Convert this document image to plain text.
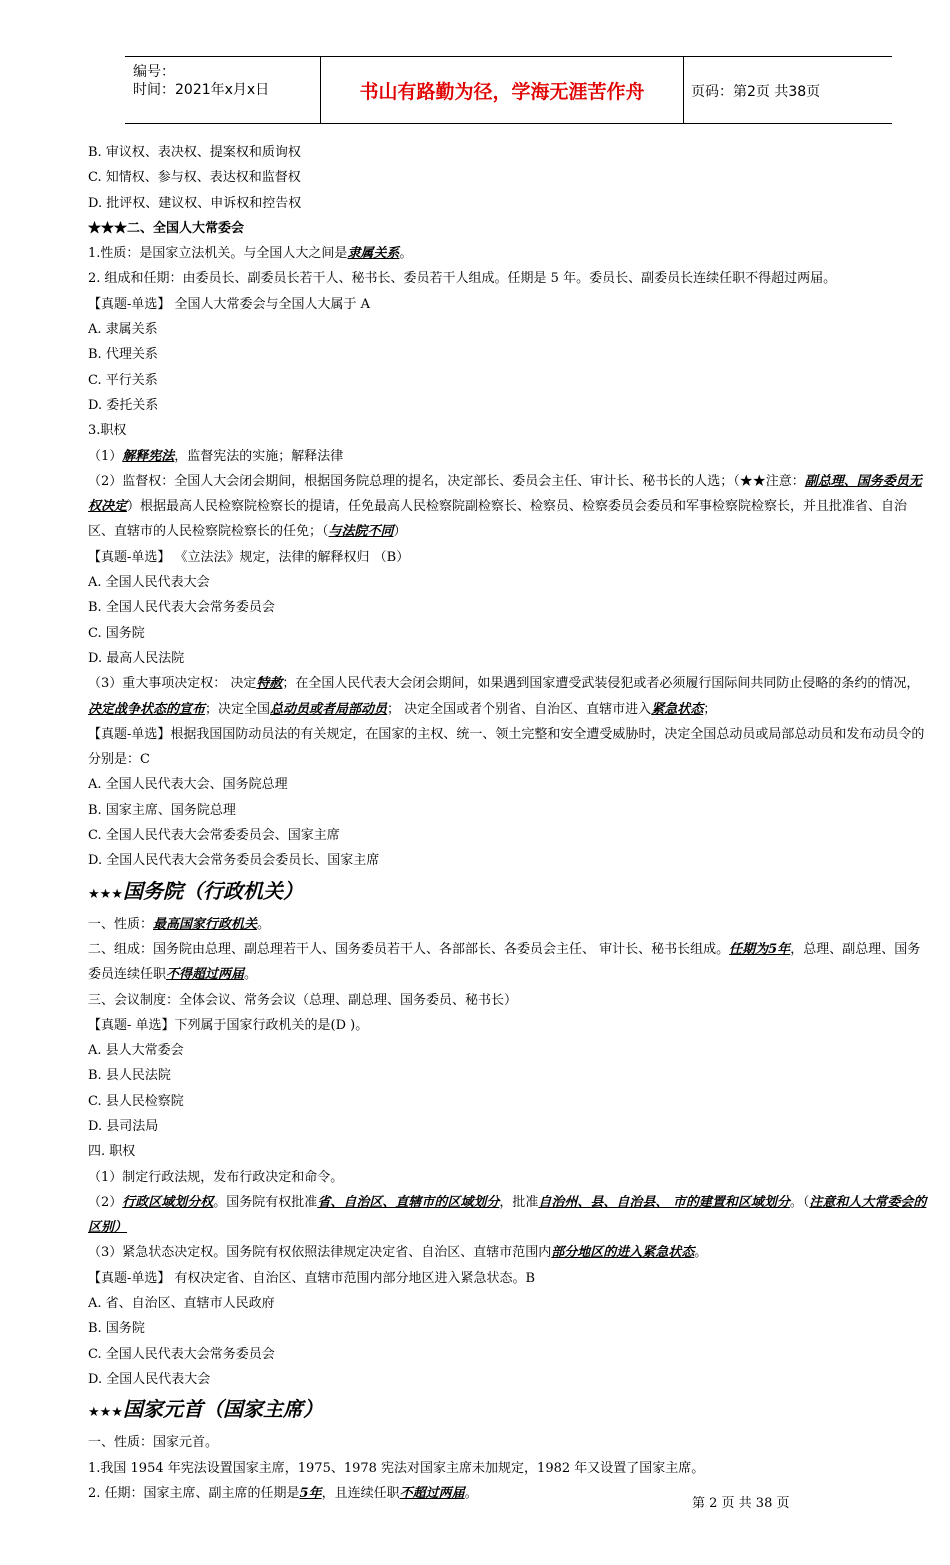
编号：
时间：2021年x月x日	书山有路勤为径，学海无涯苦作舟	页码：第2页 共38页
B. 审议权、表决权、提案权和质询权
C. 知情权、参与权、表达权和监督权
D. 批评权、建议权、申诉权和控告权
★★★二、全国人大常委会
1.性质：是国家立法机关。与全国人大之间是隶属关系。
2. 组成和任期：由委员长、副委员长若干人、秘书长、委员若干人组成。任期是 5 年。委员长、副委员长连续任职不得超过两届。
【真题-单选】 全国人大常委会与全国人大属于 A
A. 隶属关系
B. 代理关系
C. 平行关系
D. 委托关系
3.职权
（1）解释宪法，监督宪法的实施；解释法律
（2）监督权：全国人大会闭会期间，根据国务院总理的提名，决定部长、委员会主任、审计长、秘书长的人选；（★★注意：副总理、国务委员无权决定）根据最高人民检察院检察长的提请，任免最高人民检察院副检察长、检察员、检察委员会委员和军事检察院检察长，并且批准省、自治区、直辖市的人民检察院检察长的任免；（与法院不同）
【真题-单选】 《立法法》规定，法律的解释权归 （B）
A. 全国人民代表大会
B. 全国人民代表大会常务委员会
C. 国务院
D. 最高人民法院
（3）重大事项决定权： 决定特赦；在全国人民代表大会闭会期间，如果遇到国家遭受武装侵犯或者必须履行国际间共同防止侵略的条约的情况，决定战争状态的宣布；决定全国总动员或者局部动员； 决定全国或者个别省、自治区、直辖市进入紧急状态；
【真题-单选】根据我国国防动员法的有关规定，在国家的主权、统一、领土完整和安全遭受威胁时，决定全国总动员或局部总动员和发布动员令的分别是：C
A. 全国人民代表大会、国务院总理
B. 国家主席、国务院总理
C. 全国人民代表大会常委委员会、国家主席
D. 全国人民代表大会常务委员会委员长、国家主席
★★★国务院（行政机关）
一、性质：最高国家行政机关。
二、组成：国务院由总理、副总理若干人、国务委员若干人、各部部长、各委员会主任、 审计长、秘书长组成。任期为5年，总理、副总理、国务委员连续任职不得超过两届。
三、会议制度：全体会议、常务会议（总理、副总理、国务委员、秘书长）
【真题- 单选】下列属于国家行政机关的是(D )。
A. 县人大常委会
B. 县人民法院
C. 县人民检察院
D. 县司法局
四. 职权
（1）制定行政法规，发布行政决定和命令。
（2）行政区域划分权。国务院有权批准省、自治区、直辖市的区域划分，批准自治州、县、自治县、 市的建置和区域划分。（注意和人大常委会的区别）
（3）紧急状态决定权。国务院有权依照法律规定决定省、自治区、直辖市范围内部分地区的进入紧急状态。
【真题-单选】 有权决定省、自治区、直辖市范围内部分地区进入紧急状态。B
A. 省、自治区、直辖市人民政府
B. 国务院
C. 全国人民代表大会常务委员会
D. 全国人民代表大会
★★★国家元首（国家主席）
一、性质：国家元首。
1.我国 1954 年宪法设置国家主席，1975、1978 宪法对国家主席未加规定，1982 年又设置了国家主席。
2. 任期：国家主席、副主席的任期是5年，且连续任职不超过两届。
第 2 页 共 38 页
